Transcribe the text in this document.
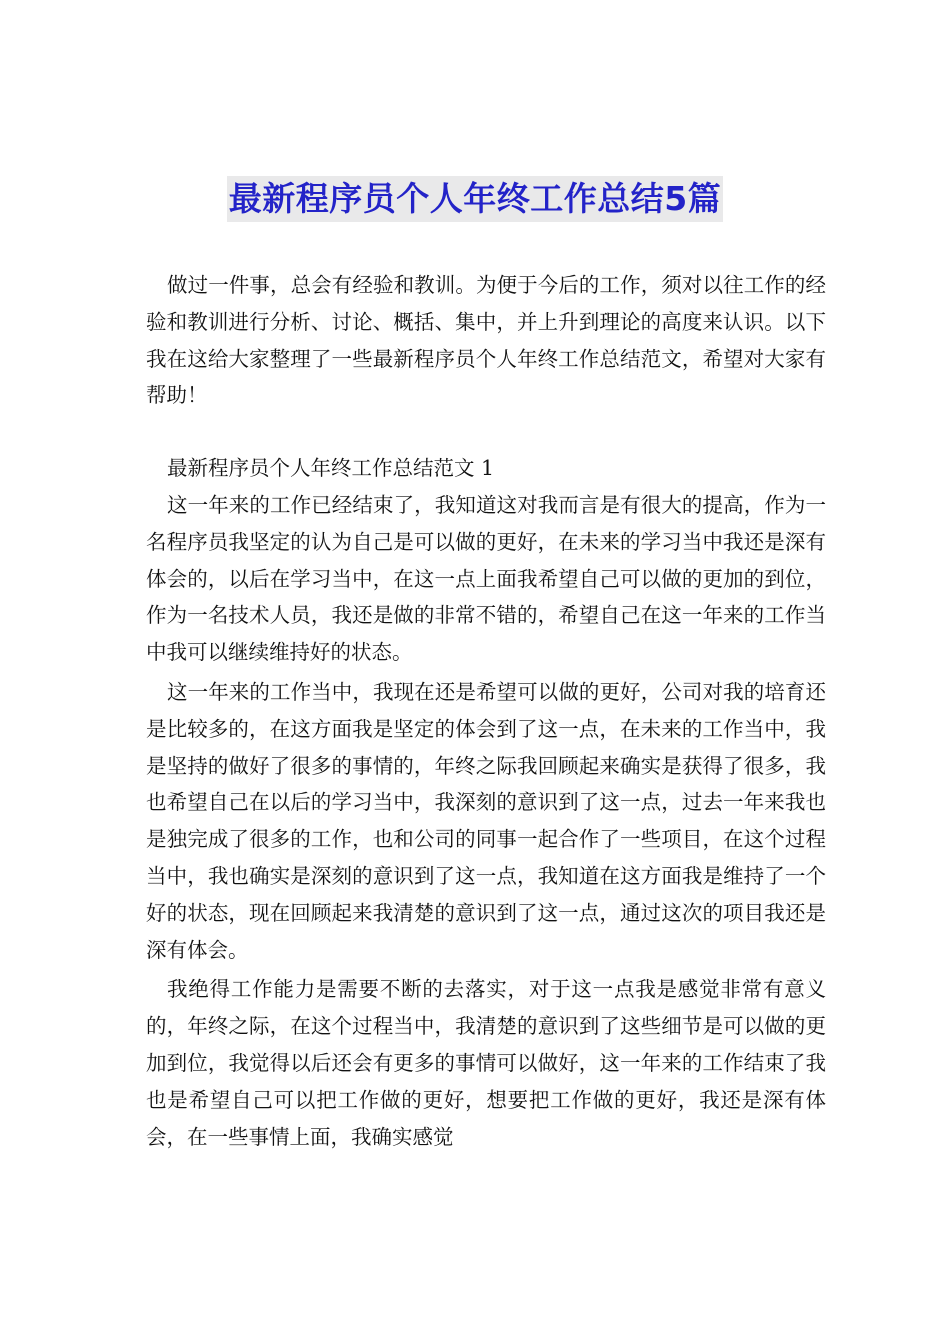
最新程序员个人年终工作总结5篇

做过一件事，总会有经验和教训。为便于今后的工作，须对以往工作的经验和教训进行分析、讨论、概括、集中，并上升到理论的高度来认识。以下我在这给大家整理了一些最新程序员个人年终工作总结范文，希望对大家有帮助！

最新程序员个人年终工作总结范文 1

这一年来的工作已经结束了，我知道这对我而言是有很大的提高，作为一名程序员我坚定的认为自己是可以做的更好，在未来的学习当中我还是深有体会的，以后在学习当中，在这一点上面我希望自己可以做的更加的到位，作为一名技术人员，我还是做的非常不错的，希望自己在这一年来的工作当中我可以继续维持好的状态。

这一年来的工作当中，我现在还是希望可以做的更好，公司对我的培育还是比较多的，在这方面我是坚定的体会到了这一点，在未来的工作当中，我是坚持的做好了很多的事情的，年终之际我回顾起来确实是获得了很多，我也希望自己在以后的学习当中，我深刻的意识到了这一点，过去一年来我也是独完成了很多的工作，也和公司的同事一起合作了一些项目，在这个过程当中，我也确实是深刻的意识到了这一点，我知道在这方面我是维持了一个好的状态，现在回顾起来我清楚的意识到了这一点，通过这次的项目我还是深有体会。

我绝得工作能力是需要不断的去落实，对于这一点我是感觉非常有意义的，年终之际，在这个过程当中，我清楚的意识到了这些细节是可以做的更加到位，我觉得以后还会有更多的事情可以做好，这一年来的工作结束了我也是希望自己可以把工作做的更好，想要把工作做的更好，我还是深有体会，在一些事情上面，我确实感觉
